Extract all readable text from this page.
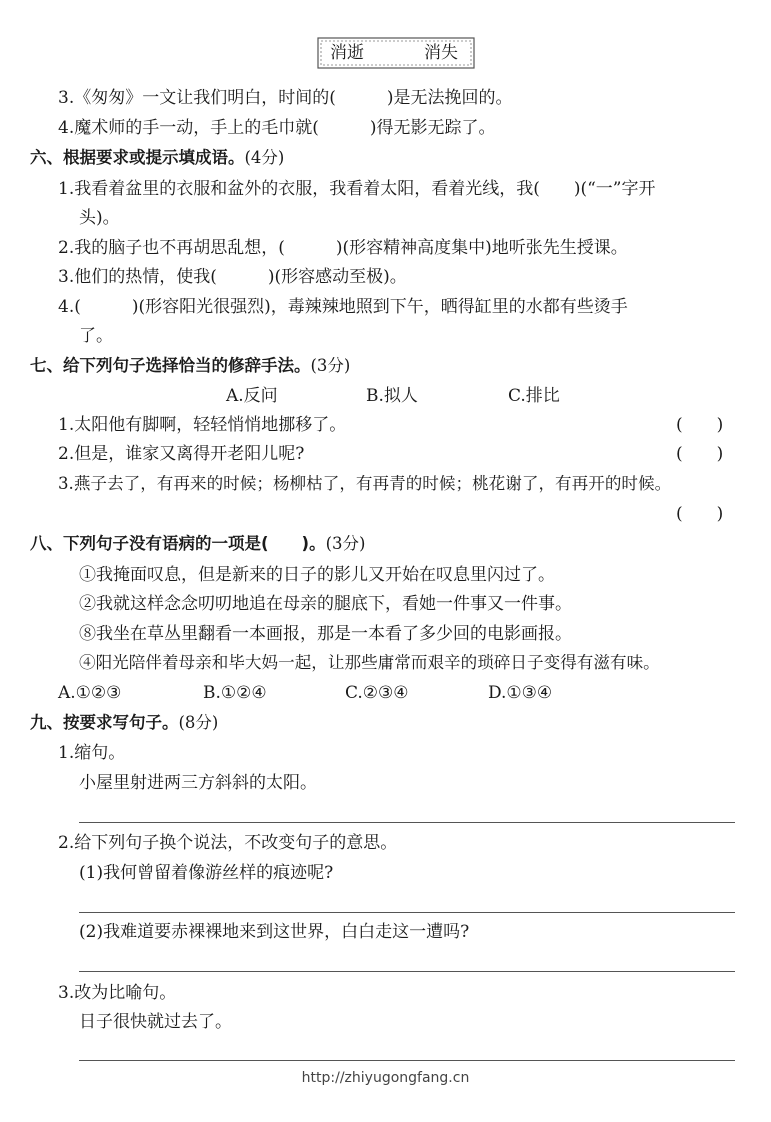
消逝	消失
3.《匆匆》一文让我们明白，时间的(　　　)是无法挽回的。
4.魔术师的手一动，手上的毛巾就(　　　)得无影无踪了。
六、根据要求或提示填成语。(4分)
1.我看着盆里的衣服和盆外的衣服，我看着太阳，看着光线，我(　　)(“一”字开
头)。
2.我的脑子也不再胡思乱想，(　　　)(形容精神高度集中)地听张先生授课。
3.他们的热情，使我(　　　)(形容感动至极)。
4.(　　　)(形容阳光很强烈)，毒辣辣地照到下午，晒得缸里的水都有些烫手
了。
七、给下列句子选择恰当的修辞手法。(3分)
A.反问	B.拟人	C.排比
1.太阳他有脚啊，轻轻悄悄地挪移了。	(　　)
2.但是，谁家又离得开老阳儿呢?	(　　)
3.燕子去了，有再来的时候；杨柳枯了，有再青的时候；桃花谢了，有再开的时候。
(　　)
八、下列句子没有语病的一项是(　　)。(3分)
①我掩面叹息，但是新来的日子的影儿又开始在叹息里闪过了。
②我就这样念念叨叨地追在母亲的腿底下，看她一件事又一件事。
⑧我坐在草丛里翻看一本画报，那是一本看了多少回的电影画报。
④阳光陪伴着母亲和毕大妈一起，让那些庸常而艰辛的琐碎日子变得有滋有味。
A.①②③	B.①②④	C.②③④	D.①③④
九、按要求写句子。(8分)
1.缩句。
小屋里射进两三方斜斜的太阳。
2.给下列句子换个说法，不改变句子的意思。
(1)我何曾留着像游丝样的痕迹呢?
(2)我难道要赤裸裸地来到这世界，白白走这一遭吗?
3.改为比喻句。
日子很快就过去了。
http://zhiyugongfang.cn
